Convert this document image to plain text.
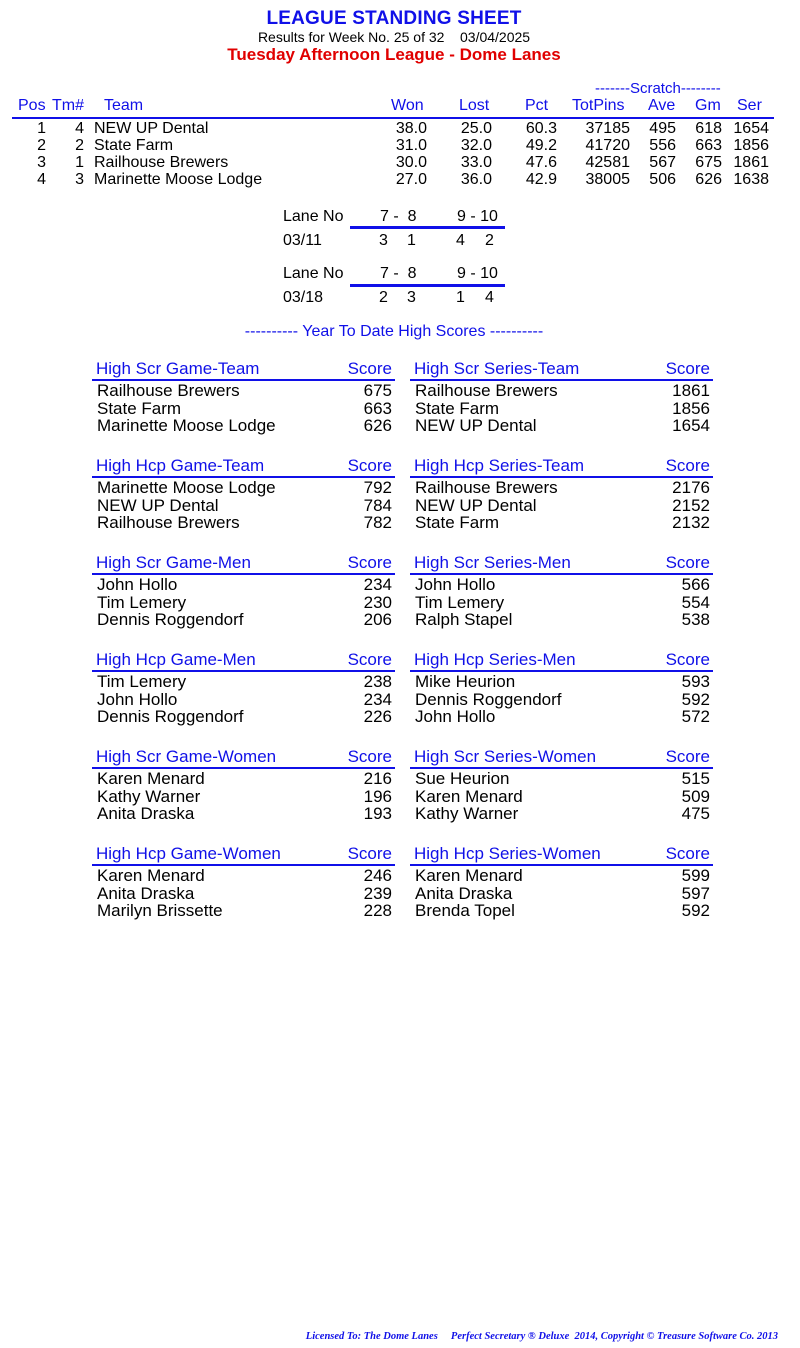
LEAGUE STANDING SHEET
Results for Week No. 25 of 32    03/04/2025
Tuesday Afternoon League - Dome Lanes
-------Scratch--------
Pos Tm# Team	Won Lost Pct TotPins Ave Gm Ser
1	4 NEW UP Dental	38.0	25.0	60.3	37185	495	618 1654
2	2 State Farm	31.0	32.0	49.2	41720	556	663 1856
3	1 Railhouse Brewers	30.0	33.0	47.6	42581	567	675 1861
4	3 Marinette Moose Lodge	27.0	36.0	42.9	38005	506	626 1638
Lane No 7 -  8	9 - 10
03/11	3 1	4 2
Lane No 7 -  8	9 - 10
03/18	2 3	1 4
---------- Year To Date High Scores ----------
High Scr Game-Team	Score
Railhouse Brewers	675
State Farm	663
Marinette Moose Lodge	626
High Scr Series-Team	Score
Railhouse Brewers	1861
State Farm	1856
NEW UP Dental	1654
High Hcp Game-Team	Score
Marinette Moose Lodge	792
NEW UP Dental	784
Railhouse Brewers	782
High Hcp Series-Team	Score
Railhouse Brewers	2176
NEW UP Dental	2152
State Farm	2132
High Scr Game-Men	Score
John Hollo	234
Tim Lemery	230
Dennis Roggendorf	206
High Scr Series-Men	Score
John Hollo	566
Tim Lemery	554
Ralph Stapel	538
High Hcp Game-Men	Score
Tim Lemery	238
John Hollo	234
Dennis Roggendorf	226
High Hcp Series-Men	Score
Mike Heurion	593
Dennis Roggendorf	592
John Hollo	572
High Scr Game-Women	Score
Karen Menard	216
Kathy Warner	196
Anita Draska	193
High Scr Series-Women	Score
Sue Heurion	515
Karen Menard	509
Kathy Warner	475
High Hcp Game-Women	Score
Karen Menard	246
Anita Draska	239
Marilyn Brissette	228
High Hcp Series-Women	Score
Karen Menard	599
Anita Draska	597
Brenda Topel	592
Licensed To: The Dome Lanes     Perfect Secretary ® Deluxe  2014, Copyright © Treasure Software Co. 2013
